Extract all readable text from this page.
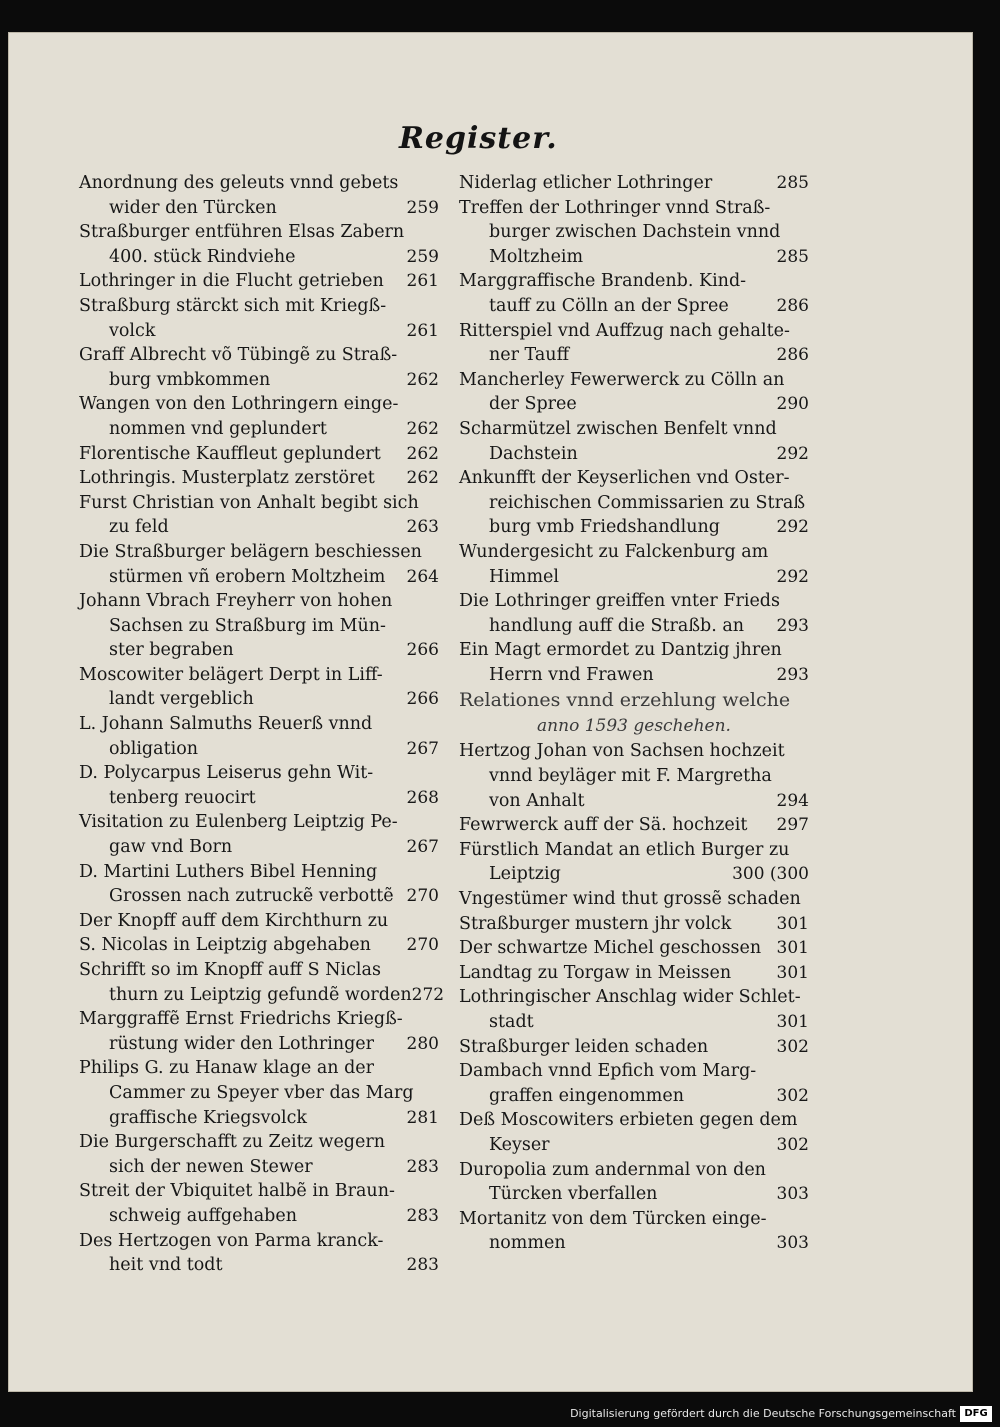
Register.
Anordnung des geleuts vnnd gebets
wider den Türcken	259
Straßburger entführen Elsas Zabern
400. stück Rindviehe	259
Lothringer in die Flucht getrieben 261
Straßburg stärckt sich mit Kriegß-
volck	261
Graff Albrecht võ Tübingẽ zu Straß-
burg vmbkommen	262
Wangen von den Lothringern einge-
nommen vnd geplundert	262
Florentische Kauffleut geplundert 262
Lothringis. Musterplatz zerstöret 262
Furst Christian von Anhalt begibt sich
zu feld	263
Die Straßburger belägern beschiessen
stürmen vñ erobern Moltzheim 264
Johann Vbrach Freyherr von hohen
Sachsen zu Straßburg im Mün-
ster begraben	266
Moscowiter belägert Derpt in Liff-
landt vergeblich	266
L. Johann Salmuths Reuerß vnnd
obligation	267
D. Polycarpus Leiserus gehn Wit-
tenberg reuocirt	268
Visitation zu Eulenberg Leiptzig Pe-
gaw vnd Born	267
D. Martini Luthers Bibel Henning
Grossen nach zutruckẽ verbottẽ 270
Der Knopff auff dem Kirchthurn zu
S. Nicolas in Leiptzig abgehaben 270
Schrifft so im Knopff auff S Niclas
thurn zu Leiptzig gefundẽ worden 272
Marggraffẽ Ernst Friedrichs Kriegß-
rüstung wider den Lothringer 280
Philips G. zu Hanaw klage an der
Cammer zu Speyer vber das Marg
graffische Kriegsvolck	281
Die Burgerschafft zu Zeitz wegern
sich der newen Stewer	283
Streit der Vbiquitet halbẽ in Braun-
schweig auffgehaben	283
Des Hertzogen von Parma kranck-
heit vnd todt	283
Niderlag etlicher Lothringer	285
Treffen der Lothringer vnnd Straß-
burger zwischen Dachstein vnnd
Moltzheim	285
Marggraffische Brandenb. Kind-
tauff zu Cölln an der Spree	286
Ritterspiel vnd Auffzug nach gehalte-
ner Tauff	286
Mancherley Fewerwerck zu Cölln an
der Spree	290
Scharmützel zwischen Benfelt vnnd
Dachstein	292
Ankunfft der Keyserlichen vnd Oster-
reichischen Commissarien zu Straß
burg vmb Friedshandlung	292
Wundergesicht zu Falckenburg am
Himmel	292
Die Lothringer greiffen vnter Frieds
handlung auff die Straßb. an 293
Ein Magt ermordet zu Dantzig jhren
Herrn vnd Frawen	293
Relationes vnnd erzehlung welche
anno 1593 geschehen.
Hertzog Johan von Sachsen hochzeit
vnnd beyläger mit F. Margretha
von Anhalt	294
Fewrwerck auff der Sä. hochzeit 297
Fürstlich Mandat an etlich Burger zu
Leiptzig	300 (300
Vngestümer wind thut grossẽ schaden
Straßburger mustern jhr volck	301
Der schwartze Michel geschossen 301
Landtag zu Torgaw in Meissen	301
Lothringischer Anschlag wider Schlet-
stadt	301
Straßburger leiden schaden	302
Dambach vnnd Epfich vom Marg-
graffen eingenommen	302
Deß Moscowiters erbieten gegen dem
Keyser	302
Duropolia zum andernmal von den
Türcken vberfallen	303
Mortanitz von dem Türcken einge-
nommen	303
Digitalisierung gefördert durch die Deutsche Forschungsgemeinschaft DFG
